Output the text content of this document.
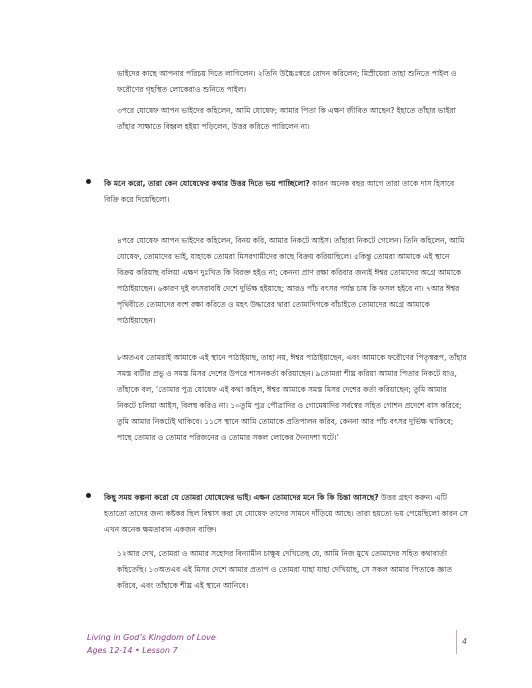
ভাইদের কাছে আপনার পরিচয় দিতে লাগিলেন। ২তিনি উচ্চৈঃস্বরে রোদন করিলেন; মিস্রীয়েরা তাহা শুনিতে পাইল ও ফরৌণের গৃহস্থিত লোকেরাও শুনিতে পাইল।
৩পরে যোষেফ আপন ভাইদের কহিলেন, আমি যোষেফ; আমার পিতা কি এক্ষণ জীবিত আছেন? ইহাতে তাঁহার ভাইরা তাঁহার সাক্ষাতে বিহ্বল হইয়া পড়িলেন, উত্তর করিতে পারিলেন না।
কি মনে করো, তারা কেন যোষেফের কথার উত্তর দিতে ভয় পাচ্ছিলো? কারন অনেক বছর আগে তারা তাকে দাস হিসাবে বিক্রি করে দিয়েছিলো।
৪পরে যোষেফ আপন ভাইদের কহিলেন, বিনয় করি, আমার নিকটে আইস। তাঁহারা নিকটে গেলেন। তিনি কহিলেন, আমি যোষেফ, তোমাদের ভাই, যাহাকে তোমরা মিসরগামীদের কাছে বিক্রয় করিয়াছিলে। ৫কিন্তু তোমরা আমাকে এই স্থানে বিক্রয় করিয়াছ বলিয়া এক্ষণ দুঃখিত কি বিরক্ত হইও না; কেননা প্রাণ রক্ষা করিবার জন্যই ঈশ্বর তোমাদের অগ্রে আমাকে পাঠাইয়াছেন। ৬কারণ দুই বৎসরাবধি দেশে দুর্ভিক্ষ হইয়াছে; আরও পাঁচ বৎসর পর্যন্ত চাষ কি ফসল হইবে না। ৭আর ঈশ্বর পৃথিবীতে তোমাদের বংশ রক্ষা করিতে ও মহৎ উদ্ধারের দ্বারা তোমাদিগকে বাঁচাইতে তোমাদের অগ্রে আমাকে পাঠাইয়াছেন।
৮অতএব তোমরাই আমাকে এই স্থানে পাঠাইয়াছ, তাহা নয়, ঈশ্বর পাঠাইয়াছেন, এবং আমাকে ফরৌণের পিতৃস্বরূপ, তাঁহার সমস্ত বাটীর প্রভু ও সমস্ত মিসর দেশের উপরে শাসনকর্তা করিয়াছেন। ৯তোমরা শীঘ্র করিয়া আমার পিতার নিকটে যাও, তাঁহাকে বল, ‘তোমার পুত্র যোষেফ এই কথা কহিল, ঈশ্বর আমাকে সমস্ত মিসর দেশের কর্তা করিয়াছেন; তুমি আমার নিকটে চলিয়া আইস, বিলম্ব করিও না। ১০তুমি পুত্র পৌত্রাদির ও গোমেষাদির সর্বস্বের সহিত গোশন প্রদেশে বাস করিবে; তুমি আমার নিকটেই থাকিবে। ১১সে স্থানে আমি তোমাকে প্রতিপালন করিব, কেননা আর পাঁচ বৎসর দুর্ভিক্ষ থাকিবে; পাছে তোমার ও তোমার পরিজনের ও তোমার সকল লোকের দৈন্যদশা ঘটে।’
কিছু সময় কল্পনা করো যে তোমরা যোষেফের ভাই। এক্ষন তোমাদের মনে কি কি চিন্তা আসছে? উত্তর গ্রহণ করুন। এটি হতাতো তাদের জন্য কষ্টকর ছিল বিশ্বাস করা যে যোষেফ তাদের সামনে দাঁড়িয়ে আছে। তারা হয়তো ভয় পেয়েছিলো কারন সে এখন অনেক ক্ষমতাবান একজন ব্যক্তি।
১২আর দেখ, তোমরা ও আমার সহোদর বিন্যামীন চাক্ষুষ দেখিতেছ যে, আমি নিজ মুখে তোমাদের সহিত কথাবার্তা কহিতেছি। ১৩অতএব এই মিসর দেশে আমার প্রতাপ ও তোমরা যাহা যাহা দেখিয়াছ, সে সকল আমার পিতাকে জ্ঞাত করিবে, এবং তাঁহাকে শীঘ্র এই স্থানে আনিবে।
Living in God’s Kingdom of Love
Ages 12-14 • Lesson 7
4
